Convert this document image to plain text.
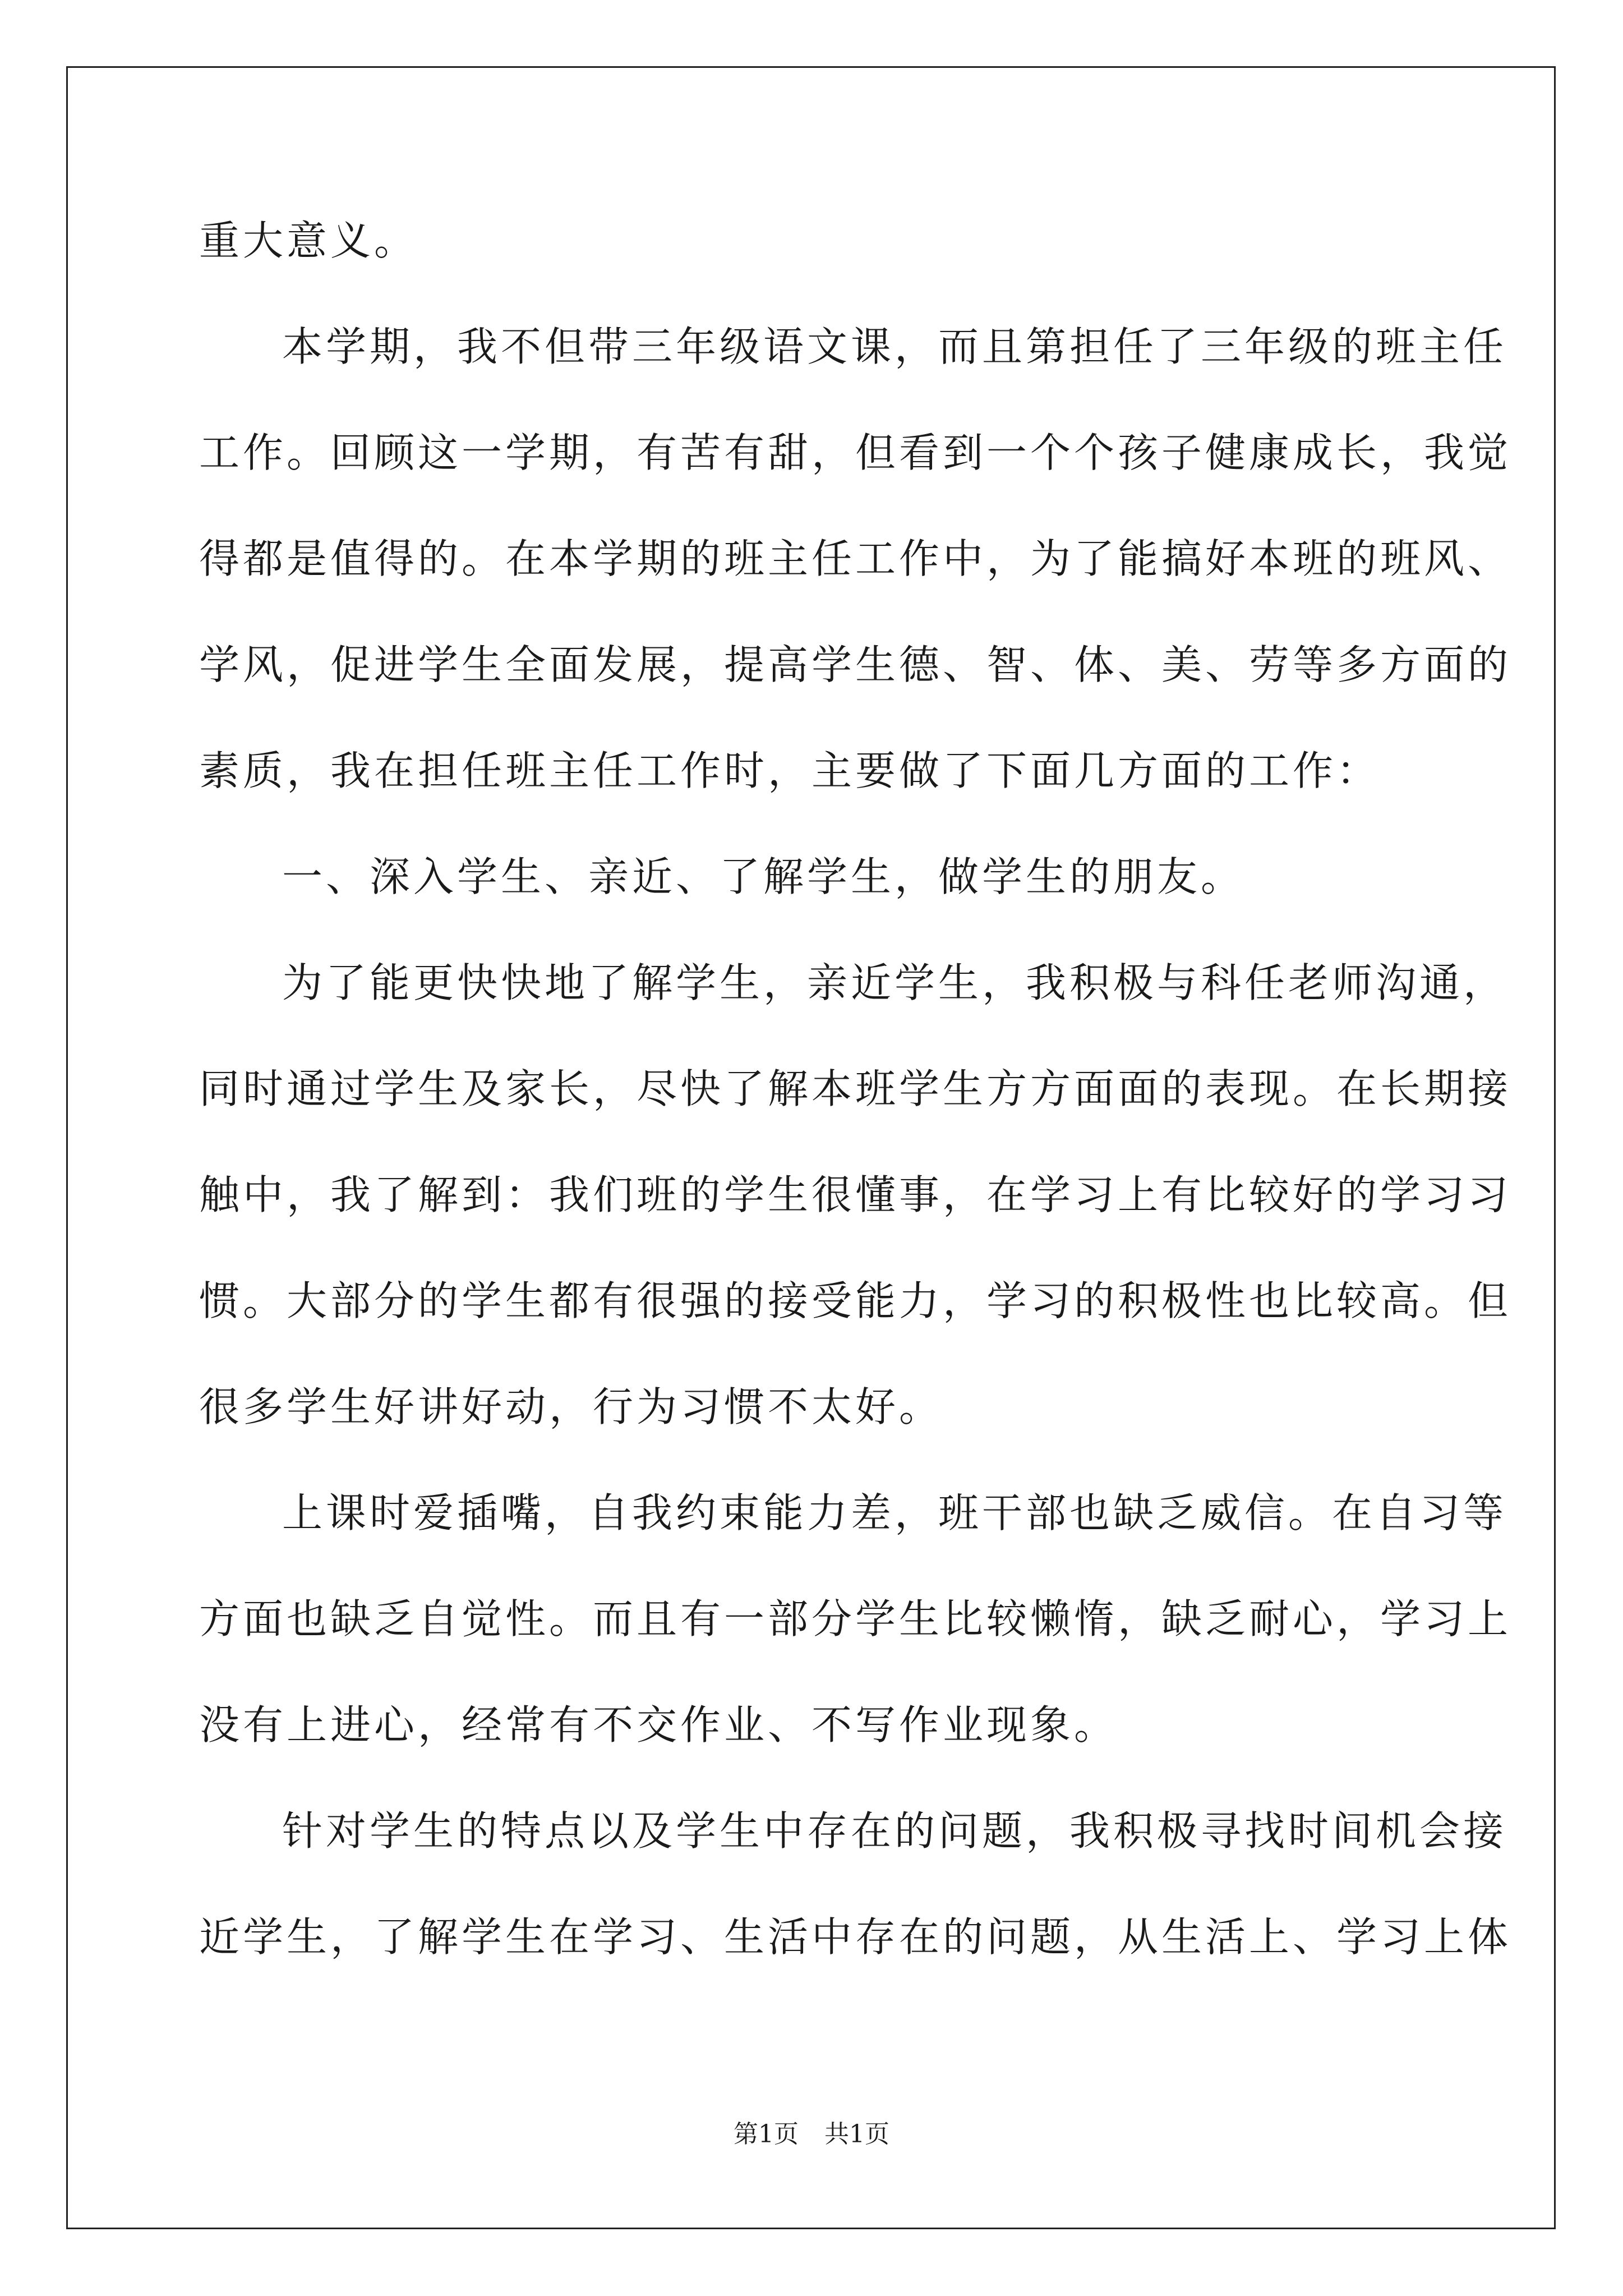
重大意义。
本学期，我不但带三年级语文课，而且第担任了三年级的班主任
工作。回顾这一学期，有苦有甜，但看到一个个孩子健康成长，我觉
得都是值得的。在本学期的班主任工作中，为了能搞好本班的班风、
学风，促进学生全面发展，提高学生德、智、体、美、劳等多方面的
素质，我在担任班主任工作时，主要做了下面几方面的工作：
一、深入学生、亲近、了解学生，做学生的朋友。
为了能更快快地了解学生，亲近学生，我积极与科任老师沟通，
同时通过学生及家长，尽快了解本班学生方方面面的表现。在长期接
触中，我了解到：我们班的学生很懂事，在学习上有比较好的学习习
惯。大部分的学生都有很强的接受能力，学习的积极性也比较高。但
很多学生好讲好动，行为习惯不太好。
上课时爱插嘴，自我约束能力差，班干部也缺乏威信。在自习等
方面也缺乏自觉性。而且有一部分学生比较懒惰，缺乏耐心，学习上
没有上进心，经常有不交作业、不写作业现象。
针对学生的特点以及学生中存在的问题，我积极寻找时间机会接
近学生，了解学生在学习、生活中存在的问题，从生活上、学习上体
第1页 共1页
